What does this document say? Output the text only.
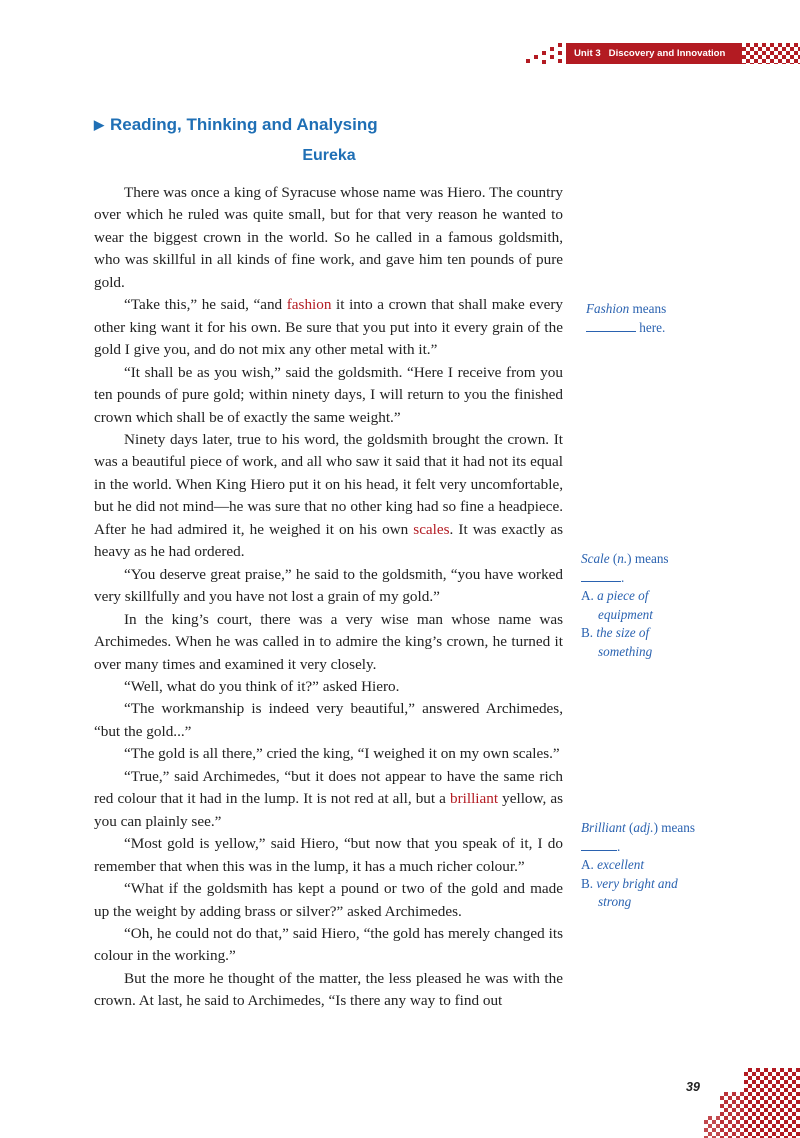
Unit 3 Discovery and Innovation
▶ Reading, Thinking and Analysing
Eureka

There was once a king of Syracuse whose name was Hiero. The country over which he ruled was quite small, but for that very reason he wanted to wear the biggest crown in the world. So he called in a famous goldsmith, who was skillful in all kinds of fine work, and gave him ten pounds of pure gold.

“Take this,” he said, “and fashion it into a crown that shall make every other king want it for his own. Be sure that you put into it every grain of the gold I give you, and do not mix any other metal with it.”

“It shall be as you wish,” said the goldsmith. “Here I receive from you ten pounds of pure gold; within ninety days, I will return to you the finished crown which shall be of exactly the same weight.”

Ninety days later, true to his word, the goldsmith brought the crown. It was a beautiful piece of work, and all who saw it said that it had not its equal in the world. When King Hiero put it on his head, it felt very uncomfortable, but he did not mind—he was sure that no other king had so fine a headpiece. After he had admired it, he weighed it on his own scales. It was exactly as heavy as he had ordered.

“You deserve great praise,” he said to the goldsmith, “you have worked very skillfully and you have not lost a grain of my gold.”

In the king’s court, there was a very wise man whose name was Archimedes. When he was called in to admire the king’s crown, he turned it over many times and examined it very closely.

“Well, what do you think of it?” asked Hiero.

“The workmanship is indeed very beautiful,” answered Archimedes, “but the gold...”

“The gold is all there,” cried the king, “I weighed it on my own scales.”

“True,” said Archimedes, “but it does not appear to have the same rich red colour that it had in the lump. It is not red at all, but a brilliant yellow, as you can plainly see.”

“Most gold is yellow,” said Hiero, “but now that you speak of it, I do remember that when this was in the lump, it has a much richer colour.”

“What if the goldsmith has kept a pound or two of the gold and made up the weight by adding brass or silver?” asked Archimedes.

“Oh, he could not do that,” said Hiero, “the gold has merely changed its colour in the working.”

But the more he thought of the matter, the less pleased he was with the crown. At last, he said to Archimedes, “Is there any way to find out

Fashion means
here.
Scale (n.) means
.
A. a piece of equipment
B. the size of something
Brilliant (adj.) means
.
A. excellent
B. very bright and strong
39
